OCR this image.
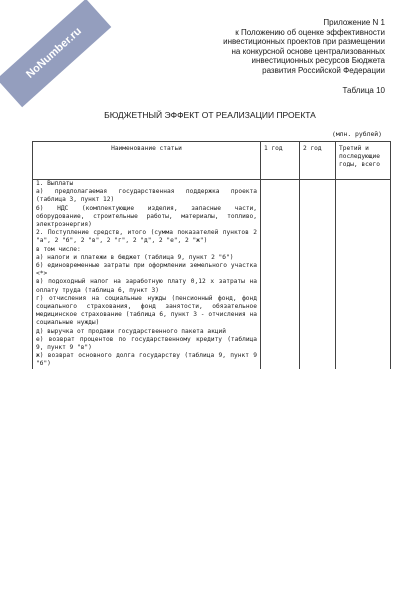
NoNumber.ru
Приложение N 1
к Положению об оценке эффективности
инвестиционных проектов при размещении
на конкурсной основе централизованных
инвестиционных ресурсов Бюджета
развития Российской Федерации
Таблица 10
БЮДЖЕТНЫЙ ЭФФЕКТ ОТ РЕАЛИЗАЦИИ ПРОЕКТА
(млн. рублей)
Наименование статьи	1 год	2 год	Третий и последующие годы, всего
1. Выплаты			
а) предполагаемая государственная поддержка проекта (таблица 3, пункт 12)			
б) НДС (комплектующие изделия, запасные части, оборудование, строительные работы, материалы, топливо, электроэнергия)			
2. Поступление средств, итого (сумма показателей пунктов 2 "а", 2 "б", 2 "в", 2 "г", 2 "д", 2 "е", 2 "ж")			
в том числе:			
а) налоги и платежи в бюджет (таблица 9, пункт 2 "б")			
б) единовременные затраты при оформлении земельного участка <*>			
в) подоходный налог на заработную плату 0,12 x затраты на оплату труда (таблица 6, пункт 3)			
г) отчисления на социальные нужды (пенсионный фонд, фонд социального страхования, фонд занятости, обязательное медицинское страхование (таблица 6, пункт 3 - отчисления на социальные нужды)			
д) выручка от продажи государственного пакета акций			
е) возврат процентов по государственному кредиту (таблица 9, пункт 9 "в")			
ж) возврат основного долга государству (таблица 9, пункт 9 "б")			
